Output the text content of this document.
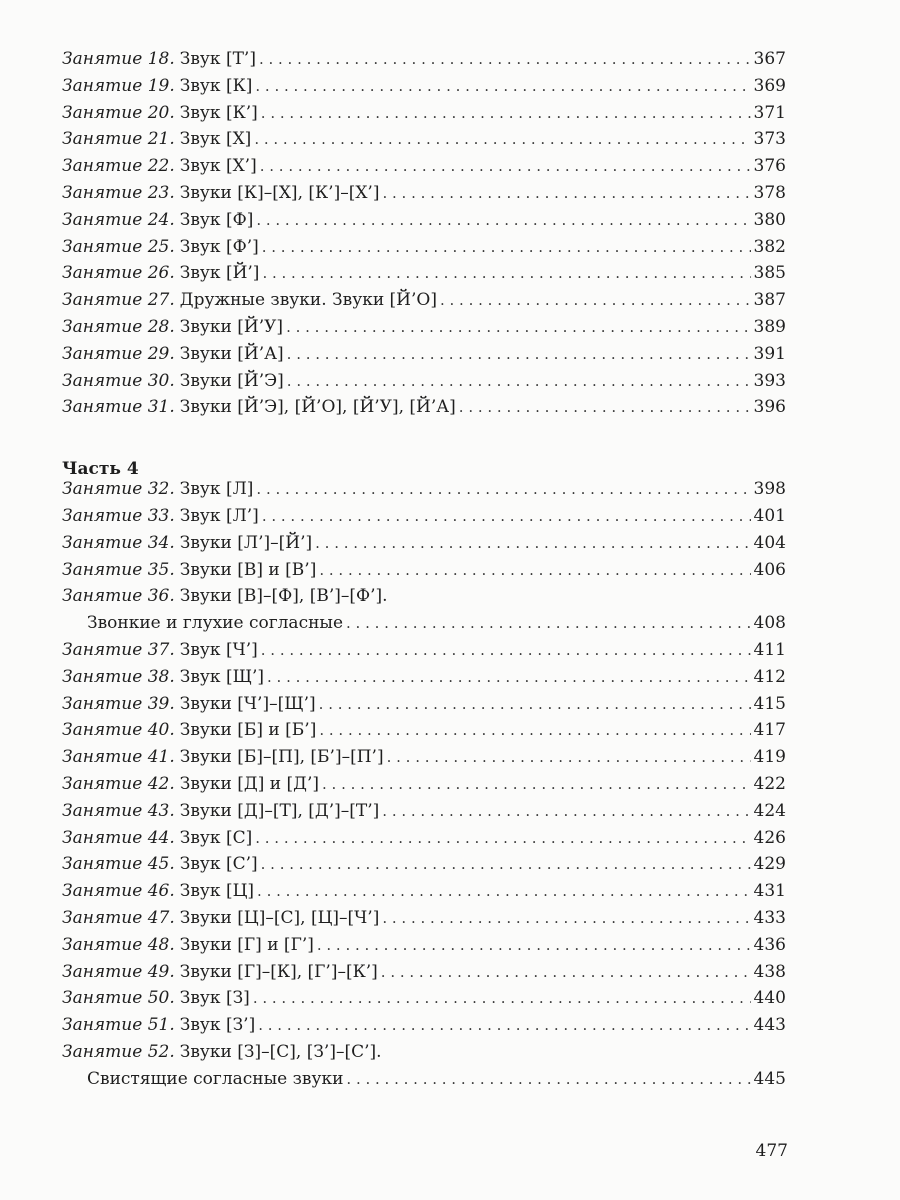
Занятие 18. Звук [Т’] . . .	367
Занятие 19. Звук [К] . . .	369
Занятие 20. Звук [К’] . . .	371
Занятие 21. Звук [Х] . . .	373
Занятие 22. Звук [Х’] . . .	376
Занятие 23. Звуки [К]–[Х], [К’]–[Х’] . . .	378
Занятие 24. Звук [Ф] . . .	380
Занятие 25. Звук [Ф’] . . .	382
Занятие 26. Звук [Й’] . . .	385
Занятие 27. Дружные звуки. Звуки [Й’О] . . .	387
Занятие 28. Звуки [Й’У] . . .	389
Занятие 29. Звуки [Й’А] . . .	391
Занятие 30. Звуки [Й’Э] . . .	393
Занятие 31. Звуки [Й’Э], [Й’О], [Й’У], [Й’А] . . .	396
Часть 4
Занятие 32. Звук [Л] . . .	398
Занятие 33. Звук [Л’] . . .	401
Занятие 34. Звуки [Л’]–[Й’] . . .	404
Занятие 35. Звуки [В] и [В’] . . .	406
Занятие 36. Звуки [В]–[Ф], [В’]–[Ф’].
Звонкие и глухие согласные . . .	408
Занятие 37. Звук [Ч’] . . .	411
Занятие 38. Звук [Щ’] . . .	412
Занятие 39. Звуки [Ч’]–[Щ’] . . .	415
Занятие 40. Звуки [Б] и [Б’] . . .	417
Занятие 41. Звуки [Б]–[П], [Б’]–[П’] . . .	419
Занятие 42. Звуки [Д] и [Д’] . . .	422
Занятие 43. Звуки [Д]–[Т], [Д’]–[Т’] . . .	424
Занятие 44. Звук [С] . . .	426
Занятие 45. Звук [С’] . . .	429
Занятие 46. Звук [Ц] . . .	431
Занятие 47. Звуки [Ц]–[С], [Ц]–[Ч’] . . .	433
Занятие 48. Звуки [Г] и [Г’] . . .	436
Занятие 49. Звуки [Г]–[К], [Г’]–[К’] . . .	438
Занятие 50. Звук [З] . . .	440
Занятие 51. Звук [З’] . . .	443
Занятие 52. Звуки [З]–[С], [З’]–[С’].
Свистящие согласные звуки . . .	445
477
